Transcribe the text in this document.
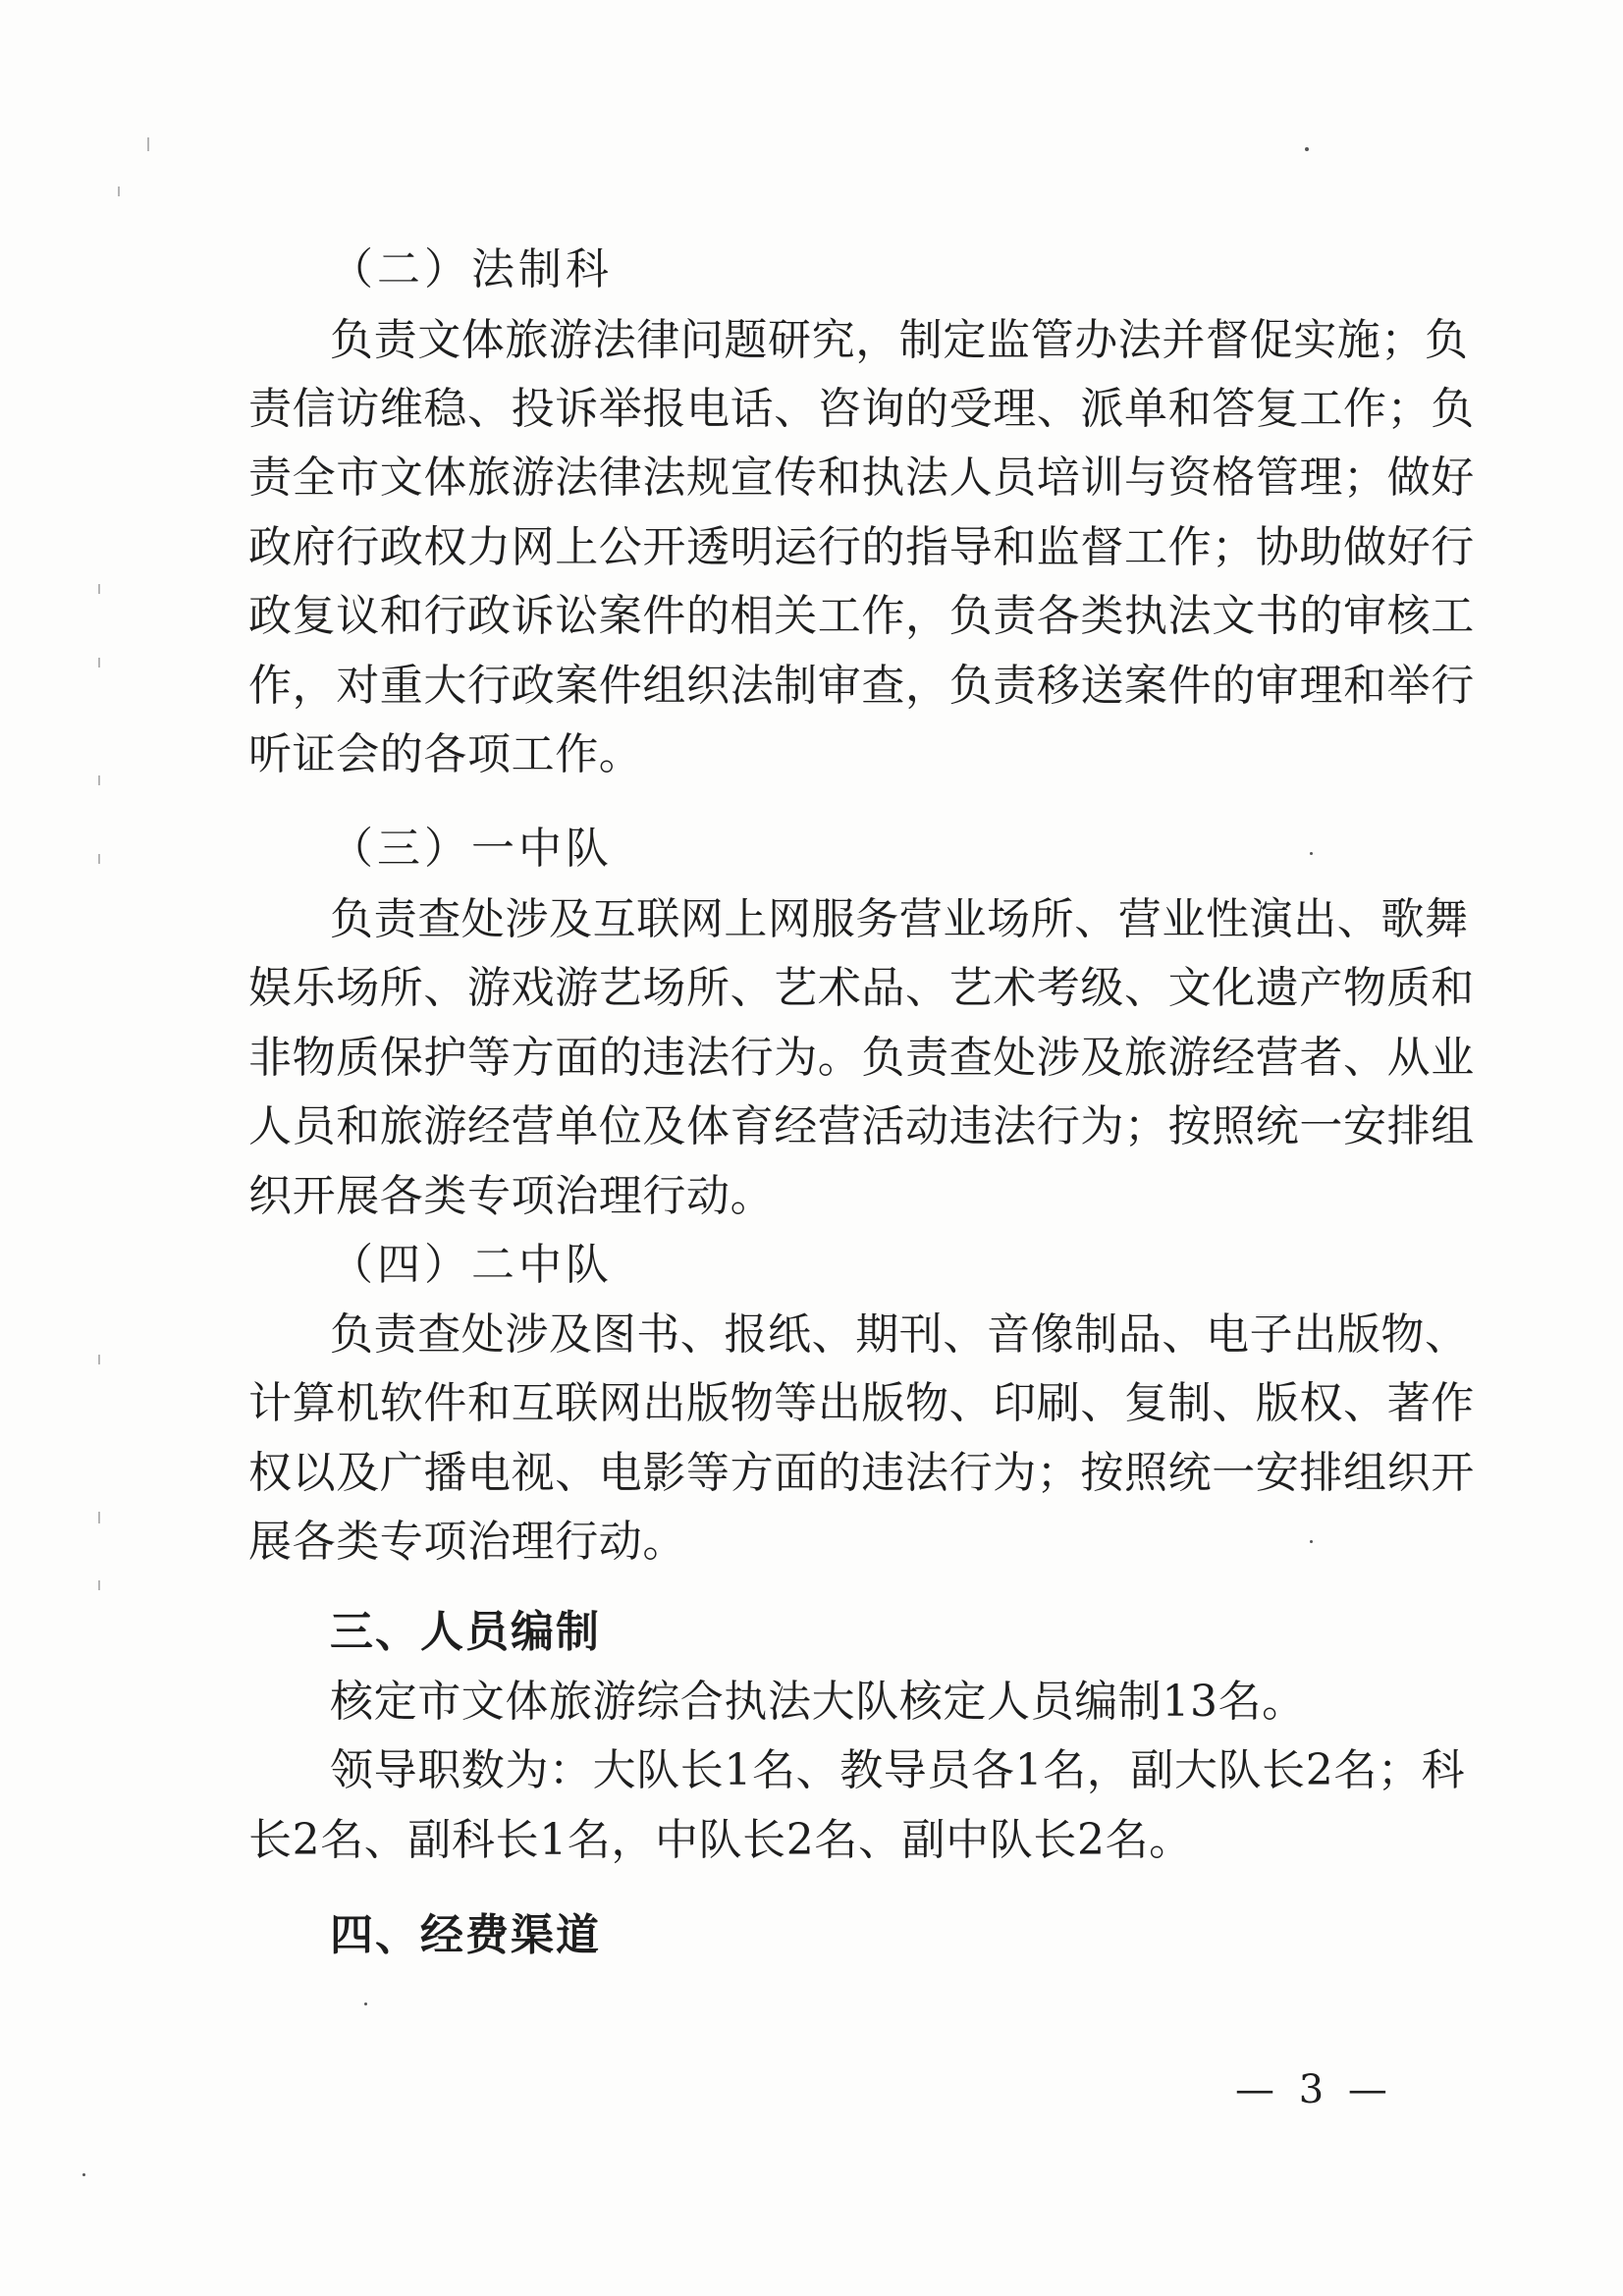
（二）法制科
负责文体旅游法律问题研究，制定监管办法并督促实施；负
责信访维稳、投诉举报电话、咨询的受理、派单和答复工作；负
责全市文体旅游法律法规宣传和执法人员培训与资格管理；做好
政府行政权力网上公开透明运行的指导和监督工作；协助做好行
政复议和行政诉讼案件的相关工作，负责各类执法文书的审核工
作，对重大行政案件组织法制审查，负责移送案件的审理和举行
听证会的各项工作。
（三）一中队
负责查处涉及互联网上网服务营业场所、营业性演出、歌舞
娱乐场所、游戏游艺场所、艺术品、艺术考级、文化遗产物质和
非物质保护等方面的违法行为。负责查处涉及旅游经营者、从业
人员和旅游经营单位及体育经营活动违法行为；按照统一安排组
织开展各类专项治理行动。
（四）二中队
负责查处涉及图书、报纸、期刊、音像制品、电子出版物、
计算机软件和互联网出版物等出版物、印刷、复制、版权、著作
权以及广播电视、电影等方面的违法行为；按照统一安排组织开
展各类专项治理行动。
三、人员编制
核定市文体旅游综合执法大队核定人员编制13名。
领导职数为：大队长1名、教导员各1名，副大队长2名；科
长2名、副科长1名，中队长2名、副中队长2名。
四、经费渠道
— 3 —
